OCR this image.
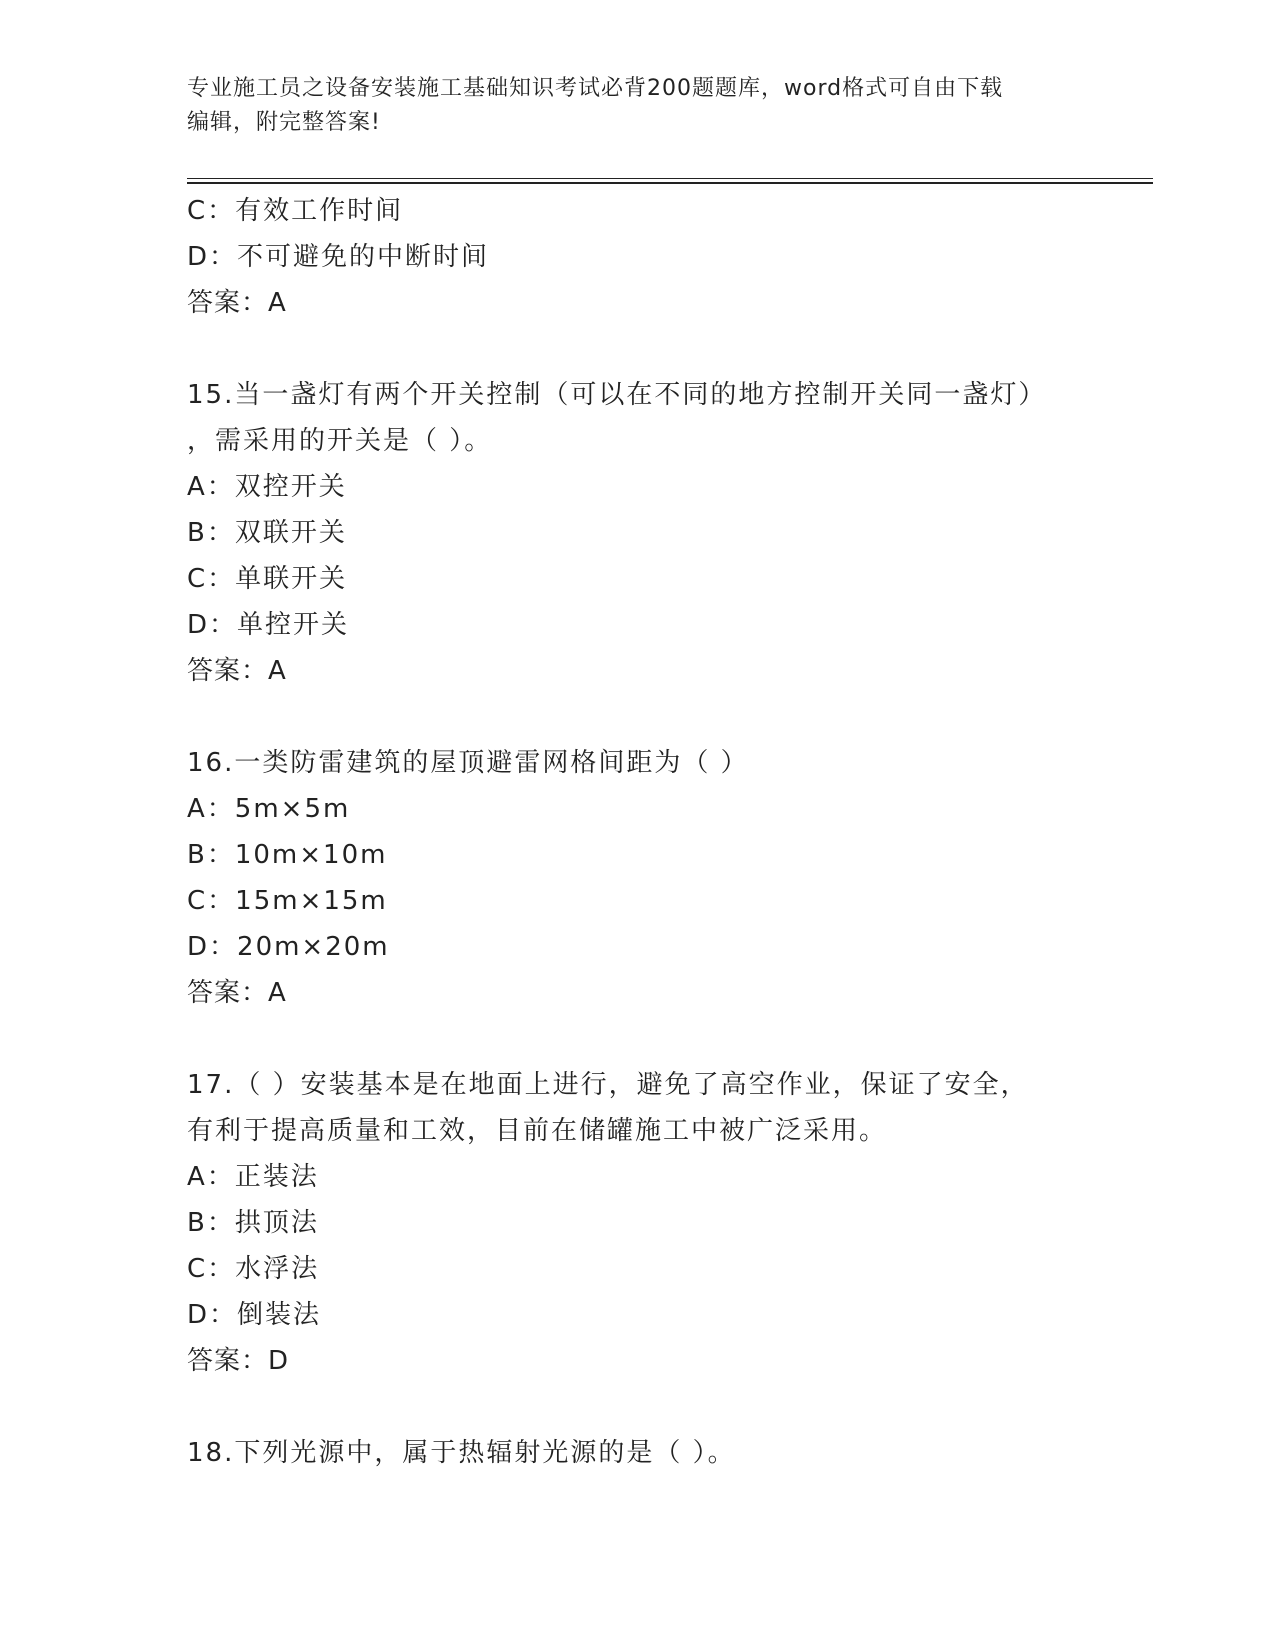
专业施工员之设备安装施工基础知识考试必背200题题库，word格式可自由下载
编辑，附完整答案!
C：有效工作时间
D：不可避免的中断时间
答案：A
15.当一盏灯有两个开关控制（可以在不同的地方控制开关同一盏灯）
，需采用的开关是（ ）。
A：双控开关
B：双联开关
C：单联开关
D：单控开关
答案：A
16.一类防雷建筑的屋顶避雷网格间距为（ ）
A：5m×5m
B：10m×10m
C：15m×15m
D：20m×20m
答案：A
17.（ ）安装基本是在地面上进行，避免了高空作业，保证了安全，
有利于提高质量和工效，目前在储罐施工中被广泛采用。
A：正装法
B：拱顶法
C：水浮法
D：倒装法
答案：D
18.下列光源中，属于热辐射光源的是（ ）。
